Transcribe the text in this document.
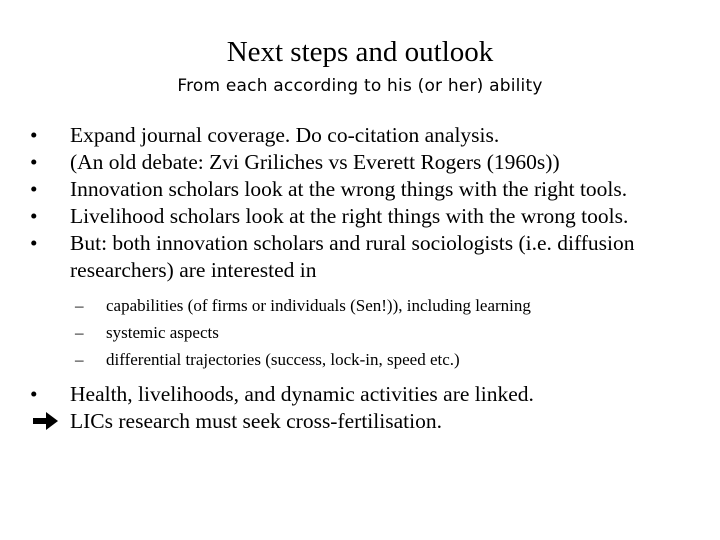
Next steps and outlook
From each according to his (or her) ability
•	Expand journal coverage. Do co-citation analysis.
•	(An old debate: Zvi Griliches vs Everett Rogers (1960s))
•	Innovation scholars look at the wrong things with the right tools.
•	Livelihood scholars look at the right things with the wrong tools.
•	But: both innovation scholars and rural sociologists (i.e. diffusion researchers) are interested in
– capabilities (of firms or individuals (Sen!)), including learning
– systemic aspects
– differential trajectories (success, lock-in, speed etc.)
•	Health, livelihoods, and dynamic activities are linked.
LICs research must seek cross-fertilisation.
